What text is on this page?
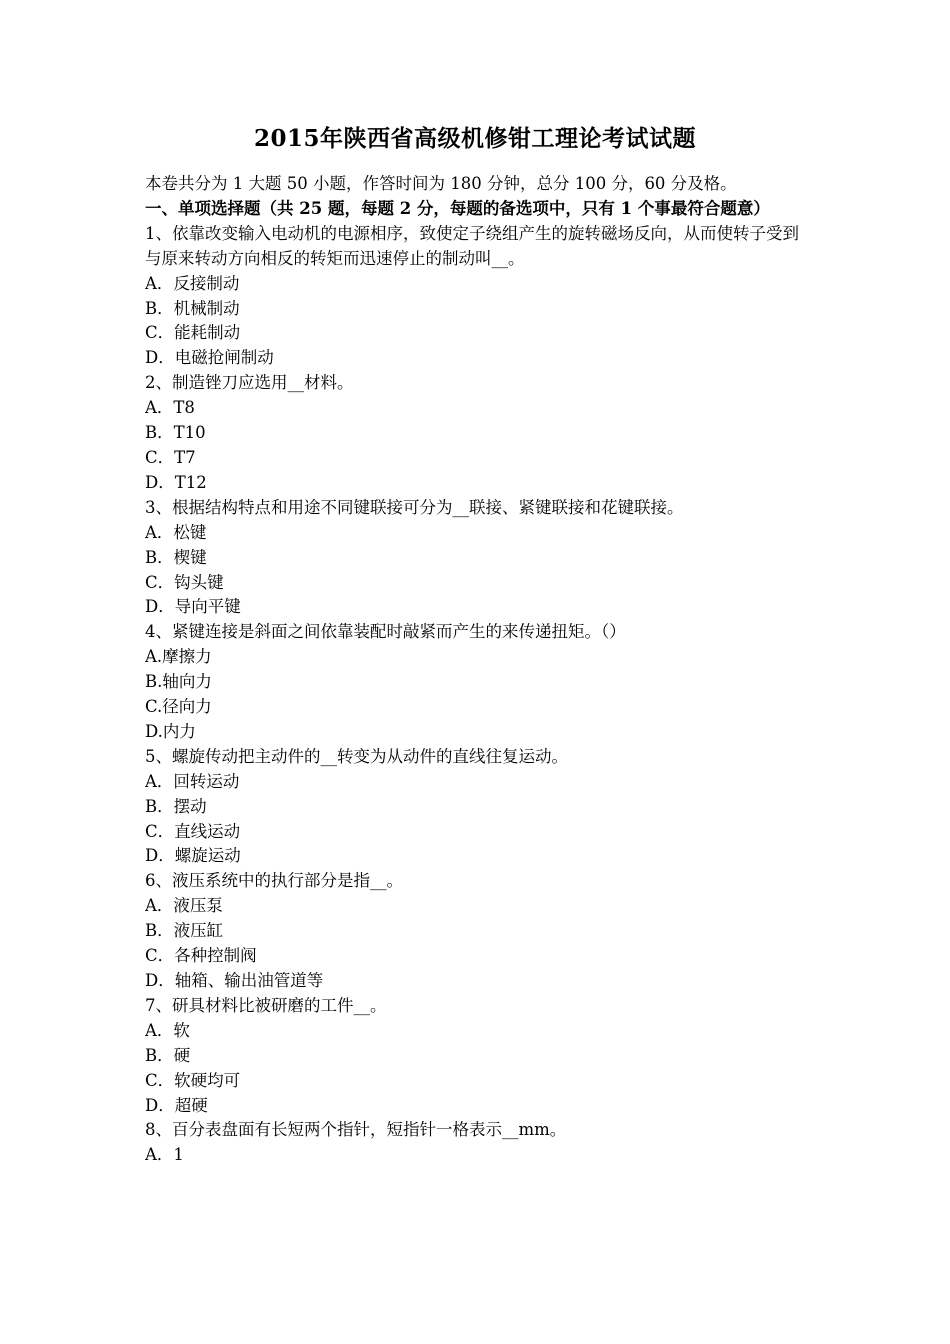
2015年陕西省高级机修钳工理论考试试题
本卷共分为 1 大题 50 小题，作答时间为 180 分钟，总分 100 分，60 分及格。
一、单项选择题（共 25 题，每题 2 分，每题的备选项中，只有 1 个事最符合题意）
1、依靠改变输入电动机的电源相序，致使定子绕组产生的旋转磁场反向，从而使转子受到与原来转动方向相反的转矩而迅速停止的制动叫__。
A．反接制动
B．机械制动
C．能耗制动
D．电磁抢闸制动
2、制造锉刀应选用__材料。
A．T8
B．T10
C．T7
D．T12
3、根据结构特点和用途不同键联接可分为__联接、紧键联接和花键联接。
A．松键
B．楔键
C．钩头键
D．导向平键
4、紧键连接是斜面之间依靠装配时敲紧而产生的来传递扭矩。（）
A.摩擦力
B.轴向力
C.径向力
D.内力
5、螺旋传动把主动件的__转变为从动件的直线往复运动。
A．回转运动
B．摆动
C．直线运动
D．螺旋运动
6、液压系统中的执行部分是指__。
A．液压泵
B．液压缸
C．各种控制阀
D．轴箱、输出油管道等
7、研具材料比被研磨的工件__。
A．软
B．硬
C．软硬均可
D．超硬
8、百分表盘面有长短两个指针，短指针一格表示__mm。
A．1
